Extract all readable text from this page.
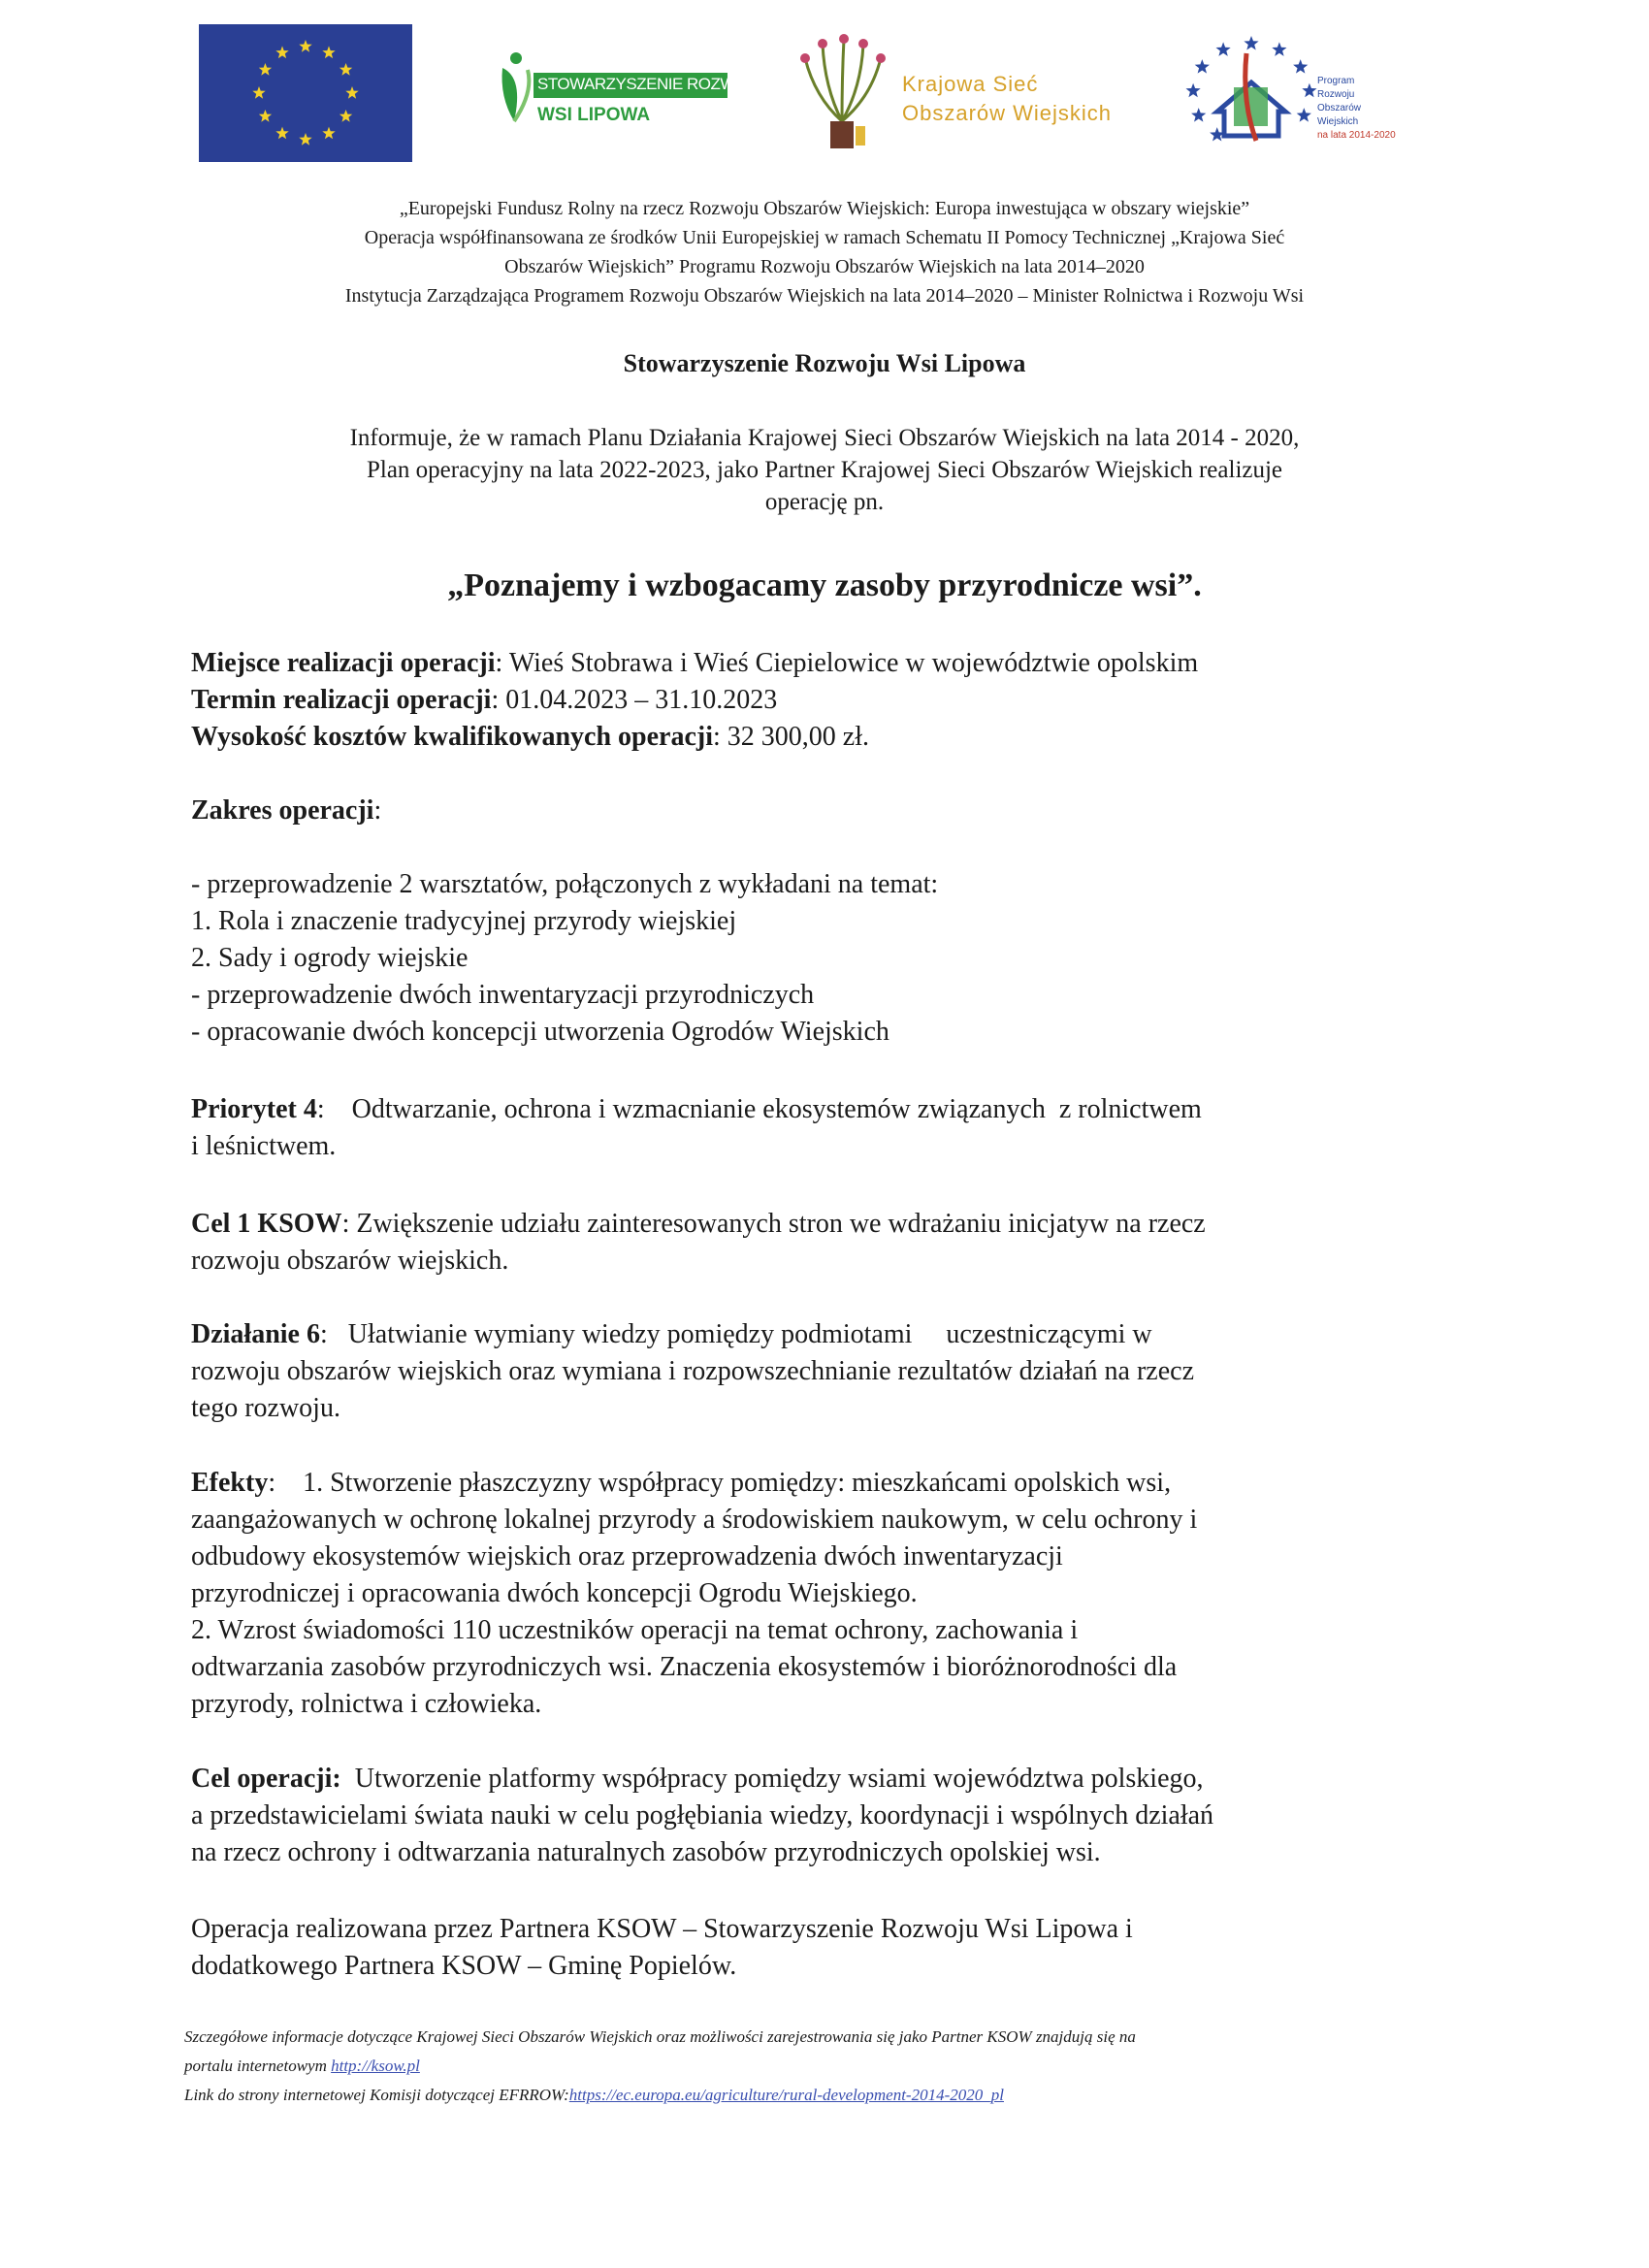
STOWARZYSZENIE ROZWOJU
WSI LIPOWA
Krajowa Sieć
Obszarów Wiejskich
Program
Rozwoju
Obszarów
Wiejskich
na lata 2014-2020
„Europejski Fundusz Rolny na rzecz Rozwoju Obszarów Wiejskich: Europa inwestująca w obszary wiejskie”
Operacja współfinansowana ze środków Unii Europejskiej w ramach Schematu II Pomocy Technicznej „Krajowa Sieć
Obszarów Wiejskich” Programu Rozwoju Obszarów Wiejskich na lata 2014–2020
Instytucja Zarządzająca Programem Rozwoju Obszarów Wiejskich na lata 2014–2020 – Minister Rolnictwa i Rozwoju Wsi
Stowarzyszenie Rozwoju Wsi Lipowa
Informuje, że w ramach Planu Działania Krajowej Sieci Obszarów Wiejskich na lata 2014 - 2020,
Plan operacyjny na lata 2022-2023, jako Partner Krajowej Sieci Obszarów Wiejskich realizuje
operację pn.
„Poznajemy i wzbogacamy zasoby przyrodnicze wsi”.
Miejsce realizacji operacji: Wieś Stobrawa i Wieś Ciepielowice w województwie opolskim
Termin realizacji operacji: 01.04.2023 – 31.10.2023
Wysokość kosztów kwalifikowanych operacji: 32 300,00 zł.
Zakres operacji:
- przeprowadzenie 2 warsztatów, połączonych z wykładani na temat:
1. Rola i znaczenie tradycyjnej przyrody wiejskiej
2. Sady i ogrody wiejskie
- przeprowadzenie dwóch inwentaryzacji przyrodniczych
- opracowanie dwóch koncepcji utworzenia Ogrodów Wiejskich
Priorytet 4:    Odtwarzanie, ochrona i wzmacnianie ekosystemów związanych  z rolnictwem
i leśnictwem.
Cel 1 KSOW: Zwiększenie udziału zainteresowanych stron we wdrażaniu inicjatyw na rzecz
rozwoju obszarów wiejskich.
Działanie 6:   Ułatwianie wymiany wiedzy pomiędzy podmiotami     uczestniczącymi w
rozwoju obszarów wiejskich oraz wymiana i rozpowszechnianie rezultatów działań na rzecz
tego rozwoju.
Efekty:    1. Stworzenie płaszczyzny współpracy pomiędzy: mieszkańcami opolskich wsi,
zaangażowanych w ochronę lokalnej przyrody a środowiskiem naukowym, w celu ochrony i
odbudowy ekosystemów wiejskich oraz przeprowadzenia dwóch inwentaryzacji
przyrodniczej i opracowania dwóch koncepcji Ogrodu Wiejskiego.
2. Wzrost świadomości 110 uczestników operacji na temat ochrony, zachowania i
odtwarzania zasobów przyrodniczych wsi. Znaczenia ekosystemów i bioróżnorodności dla
przyrody, rolnictwa i człowieka.
Cel operacji:  Utworzenie platformy współpracy pomiędzy wsiami województwa polskiego,
a przedstawicielami świata nauki w celu pogłębiania wiedzy, koordynacji i wspólnych działań
na rzecz ochrony i odtwarzania naturalnych zasobów przyrodniczych opolskiej wsi.
Operacja realizowana przez Partnera KSOW – Stowarzyszenie Rozwoju Wsi Lipowa i
dodatkowego Partnera KSOW – Gminę Popielów.
Szczegółowe informacje dotyczące Krajowej Sieci Obszarów Wiejskich oraz możliwości zarejestrowania się jako Partner KSOW znajdują się na
portalu internetowym http://ksow.pl
Link do strony internetowej Komisji dotyczącej EFRROW:https://ec.europa.eu/agriculture/rural-development-2014-2020_pl
